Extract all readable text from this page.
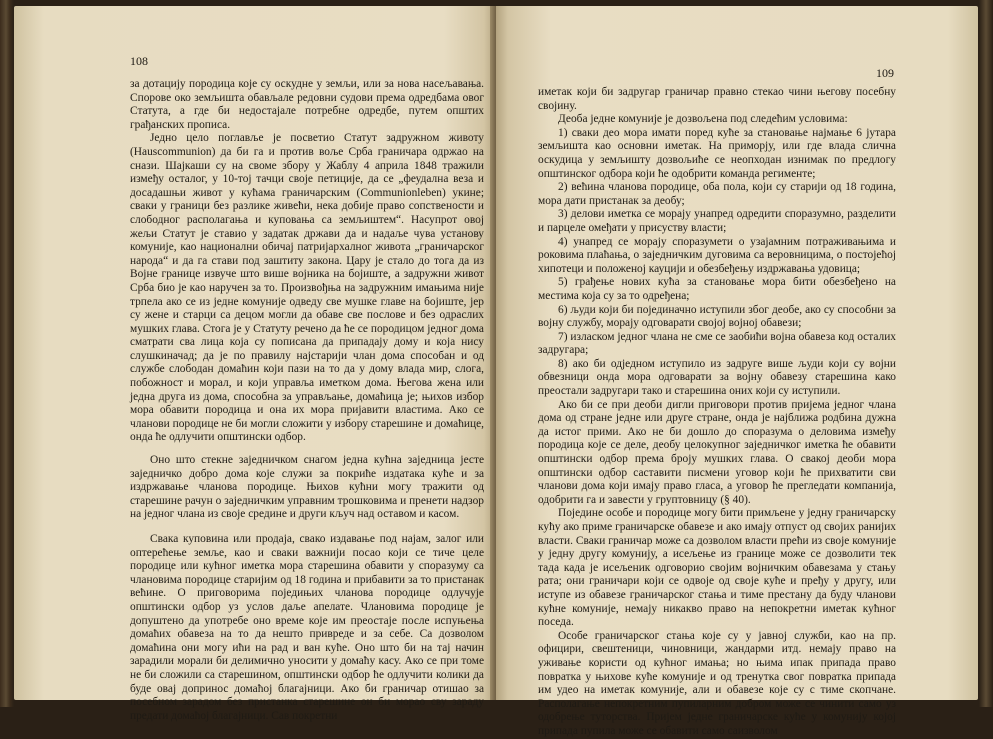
108

за дотацију породица које су оскудне у земљи, или за нова насељавања. Спорове око земљишта обављале редовни судови према одредбама овог Статута, а где би недостајале потребне одредбе, путем општих грађанских прописа.

Једно цело поглавље је посветио Статут задружном животу (Hauscommunion) да би га и против воље Срба граничара одржао на снази. Шајкаши су на своме збору у Жаблу 4 априла 1848 тражили између осталог, у 10-тој тачци своје петиције, да се „феудална веза и досадашњи живот у кућама граничарским (Communionleben) укине; сваки у граници без разлике живећи, нека добије право сопствености и слободног располагања и куповања са земљиштем“. Насупрот овој жељи Статут је ставио у задатак држави да и надаље чува установу комуније, као национални обичај патријархалног живота „граничарског народа“ и да га стави под заштиту закона. Цару је стало до тога да из Војне границе извуче што више војника на бојиште, а задружни живот Срба био је као наручен за то. Произвођња на задружним имањима није трпела ако се из једне комуније одведу све мушке главе на бојиште, јер су жене и старци са децом могли да обаве све послове и без одраслих мушких глава. Стога је у Статуту речено да ће се породицом једног дома сматрати сва лица која су пописана да припадају дому и која нису слушкиначад; да је по правилу најстарији члан дома способан и од службе слободан домаћин који пази на то да у дому влада мир, слога, побожност и морал, и који управља иметком дома. Његова жена или једна друга из дома, способна за управљање, домаћица је; њихов избор мора обавити породица и она их мора пријавити властима. Ако се чланови породице не би могли сложити у избору старешине и домаћице, онда ће одлучити општински одбор.

Оно што стекне заједничком снагом једна кућна заједница јесте заједничко добро дома које служи за покриће издатака куће и за издржавање чланова породице. Њихов кућни могу тражити од старешине рачун о заједничким управним трошковима и пренети надзор на једног члана из своје средине и други кључ над оставом и касом.

Свака куповина или продаја, свако издавање под најам, залог или оптерећење земље, као и сваки важнији посао који се тиче целе породице или кућног иметка мора старешина обавити у споразуму са члановима породице старијим од 18 година и прибавити за то пристанак већине. О приговорима поједињих чланова породице одлучује општински одбор уз услов даље апелате. Члановима породице је допуштено да употребе оно време које им преостаје после испуњења домаћих обавеза на то да нешто привреде и за себе. Са дозволом домаћина они могу ићи на рад и ван куће. Оно што би на тај начин зарадили морали би делимично уносити у домаћу касу. Ако се при томе не би сложили са старешином, општински одбор ће одлучити колики да буде овај допринос домаћој благајници. Ако би граничар отишао за посебном зарадом без пристанка старешине он би морао сву зараду предати домаћој благајници. Сав покретни

109

иметак који би задругар граничар правно стекао чини његову посебну својину.

Деоба једне комуније је дозвољена под следећим условима:

1) сваки део мора имати поред куће за становање најмање 6 јутара земљишта као основни иметак. На приморју, или где влада слична оскудица у земљишту дозвољиће се неопходан изнимак по предлогу општинског одбора који ће одобрити команда регименте;

2) већина чланова породице, оба пола, који су старији од 18 година, мора дати пристанак за деобу;

3) делови иметка се морају унапред одредити споразумно, разделити и парцеле омеђати у присуству власти;

4) унапред се морају споразумети о узајамним потраживањима и роковима плаћања, о заједничким дуговима са веровницима, о постојећој хипотеци и положеној кауцији и обезбеђењу издржавања удовица;

5) грађење нових кућа за становање мора бити обезбеђено на местима која су за то одређена;

6) људи који би појединачно иступили због деобе, ако су способни за војну службу, морају одговарати својој војној обавези;

7) изласком једног члана не сме се заобићи војна обавеза код осталих задругара;

8) ако би одједном иступило из задруге више људи који су војни обвезници онда мора одговарати за војну обавезу старешина како преостали задругари тако и старешина оних који су иступили.

Ако би се при деоби дигли приговори против пријема једног члана дома од стране једне или друге стране, онда је најближа родбина дужна да истог прими. Ако не би дошло до споразума о деловима између породица које се деле, деобу целокупног заједничког иметка ће обавити општински одбор према броју мушких глава. О свакој деоби мора општински одбор саставити писмени уговор који ће прихватити сви чланови дома који имају право гласа, а уговор ће прегледати компанија, одобрити га и завести у груптовницу (§ 40).

Поједине особе и породице могу бити примљене у једну граничарску кућу ако приме граничарске обавезе и ако имају отпуст од својих ранијих власти. Сваки граничар може са дозволом власти прећи из своје комуније у једну другу комунију, а исељење из границе може се дозволити тек тада када је исељеник одговорио својим војничким обавезама у стању рата; они граничари који се одвоје од своје куће и пређу у другу, или иступе из обавезе граничарског стања и тиме престану да буду чланови кућне комуније, немају никакво право на непокретни иметак кућног поседа.

Особе граничарског стања које су у јавној служби, као на пр. официри, свештеници, чиновници, жандарми итд. немају право на уживање користи од кућног имања; но њима ипак припада право повратка у њихове куће комуније и од тренутка свог повратка припада им удео на иметак комуније, али и обавезе које су с тиме скопчане. Располагање непокретним пупиларним добром може се чинити само уз одобрење туторства. Пријем једне граничарске куће у комунију којој припада пупила може се обавити само саизволом
